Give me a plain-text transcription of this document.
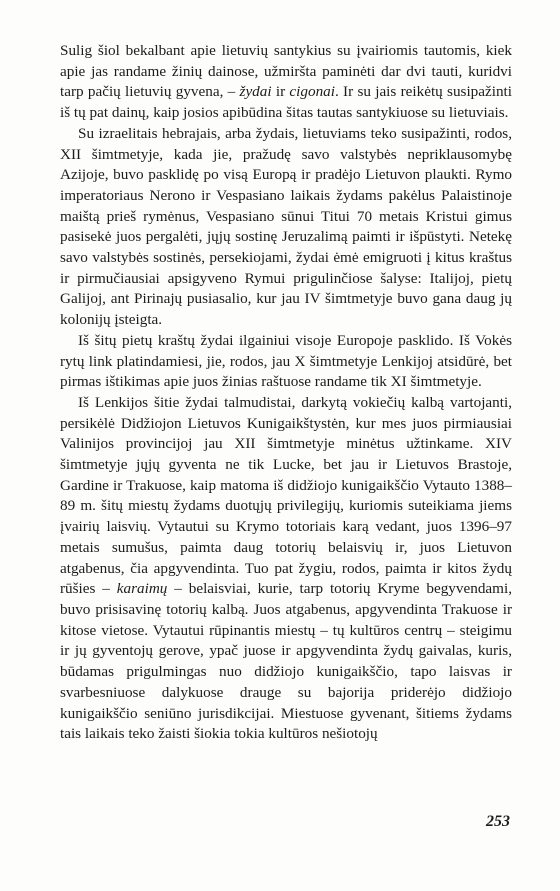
Sulig šiol bekalbant apie lietuvių santykius su įvairiomis tautomis, kiek apie jas randame žinių dainose, užmiršta paminėti dar dvi tauti, kuridvi tarp pačių lietuvių gyvena, – žydai ir cigonai. Ir su jais reikėtų susipažinti iš tų pat dainų, kaip josios apibūdina šitas tautas santykiuose su lietuviais.

Su izraelitais hebrajais, arba žydais, lietuviams teko susipažinti, rodos, XII šimtmetyje, kada jie, pražudę savo valstybės nepriklausomybę Azijoje, buvo pasklidę po visą Europą ir pradėjo Lietuvon plaukti. Rymo imperatoriaus Nerono ir Vespasiano laikais žydams pakėlus Palaistinoje maištą prieš rymėnus, Vespasiano sūnui Titui 70 metais Kristui gimus pasisekė juos pergalėti, jųjų sostinę Jeruzalimą paimti ir išpūstyti. Netekę savo valstybės sostinės, persekiojami, žydai ėmė emigruoti į kitus kraštus ir pirmučiausiai apsigyveno Rymui prigulinčiose šalyse: Italijoj, pietų Galijoj, ant Pirinajų pusiasalio, kur jau IV šimtmetyje buvo gana daug jų kolonijų įsteigta.

Iš šitų pietų kraštų žydai ilgainiui visoje Europoje pasklido. Iš Vokės rytų link platindamiesi, jie, rodos, jau X šimtmetyje Lenkijoj atsidūrė, bet pirmas ištikimas apie juos žinias raštuose randame tik XI šimtmetyje.

Iš Lenkijos šitie žydai talmudistai, darkytą vokiečių kalbą vartojanti, persikėlė Didžiojon Lietuvos Kunigaikštystėn, kur mes juos pirmiausiai Valinijos provincijoj jau XII šimtmetyje minėtus užtinkame. XIV šimtmetyje jųjų gyventa ne tik Lucke, bet jau ir Lietuvos Brastoje, Gardine ir Trakuose, kaip matoma iš didžiojo kunigaikščio Vytauto 1388–89 m. šitų miestų žydams duotųjų privilegijų, kuriomis suteikiama jiems įvairių laisvių. Vytautui su Krymo totoriais karą vedant, juos 1396–97 metais sumušus, paimta daug totorių belaisvių ir, juos Lietuvon atgabenus, čia apgyvendinta. Tuo pat žygiu, rodos, paimta ir kitos žydų rūšies – karaimų – belaisviai, kurie, tarp totorių Kryme begyvendami, buvo prisisavinę totorių kalbą. Juos atgabenus, apgyvendinta Trakuose ir kitose vietose. Vytautui rūpinantis miestų – tų kultūros centrų – steigimu ir jų gyventojų gerove, ypač juose ir apgyvendinta žydų gaivalas, kuris, būdamas prigulmingas nuo didžiojo kunigaikščio, tapo laisvas ir svarbesniuose dalykuose drauge su bajorija priderėjo didžiojo kunigaikščio seniūno jurisdikcijai. Miestuose gyvenant, šitiems žydams tais laikais teko žaisti šiokia tokia kultūros nešiotojų

253
